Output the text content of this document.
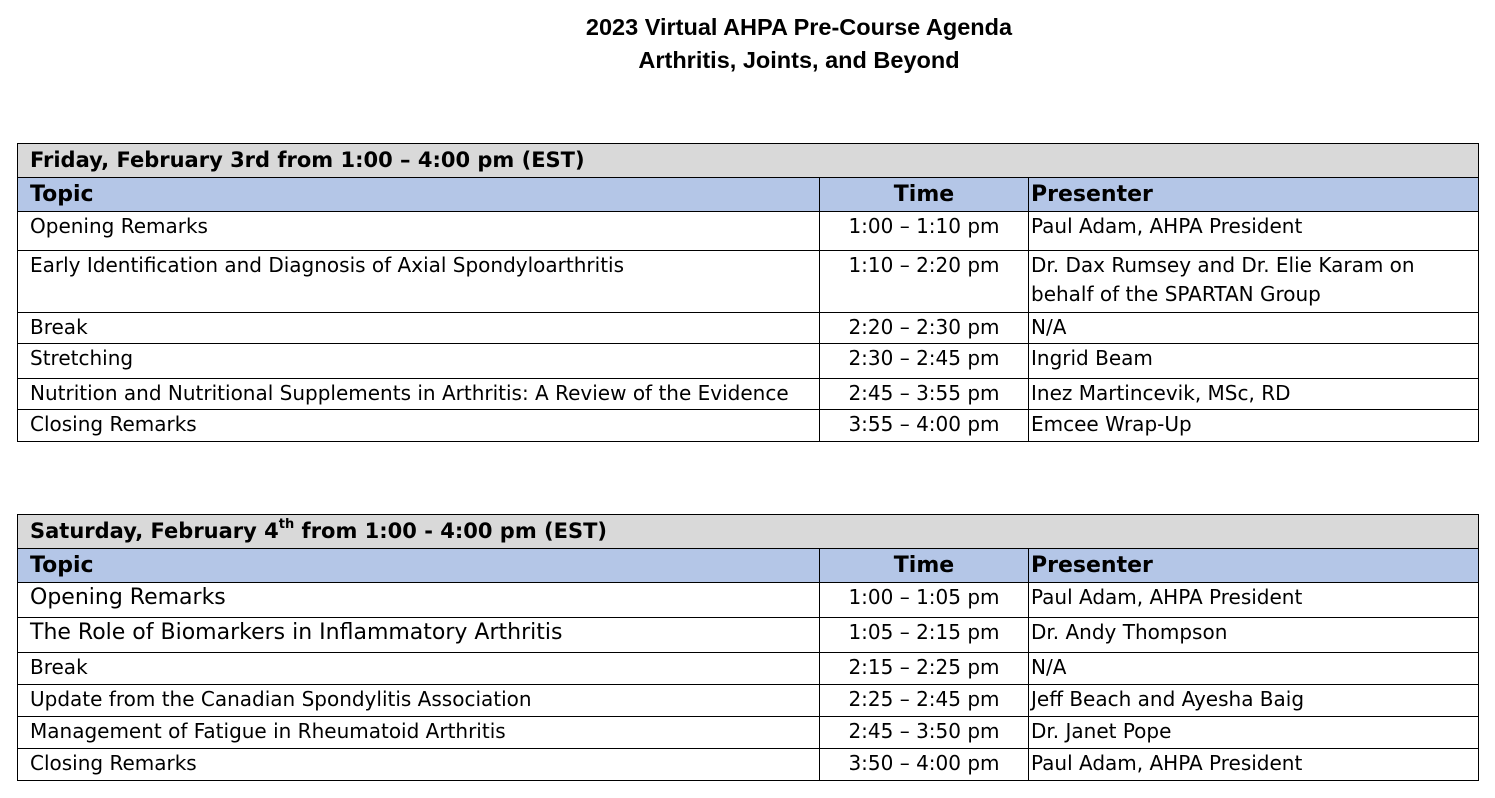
2023 Virtual AHPA Pre-Course Agenda
Arthritis, Joints, and Beyond
Friday, February 3rd from 1:00 – 4:00 pm (EST)		
Topic	Time	Presenter
Opening Remarks	1:00 – 1:10 pm	Paul Adam, AHPA President
Early Identification and Diagnosis of Axial Spondyloarthritis	1:10 – 2:20 pm	Dr. Dax Rumsey and Dr. Elie Karam on behalf of the SPARTAN Group
Break	2:20 – 2:30 pm	N/A
Stretching	2:30 – 2:45 pm	Ingrid Beam
Nutrition and Nutritional Supplements in Arthritis: A Review of the Evidence	2:45 – 3:55 pm	Inez Martincevik, MSc, RD
Closing Remarks	3:55 – 4:00 pm	Emcee Wrap-Up
Saturday, February 4th from 1:00 - 4:00 pm (EST)		
Topic	Time	Presenter
Opening Remarks	1:00 – 1:05 pm	Paul Adam, AHPA President
The Role of Biomarkers in Inflammatory Arthritis	1:05 – 2:15 pm	Dr. Andy Thompson
Break	2:15 – 2:25 pm	N/A
Update from the Canadian Spondylitis Association	2:25 – 2:45 pm	Jeff Beach and Ayesha Baig
Management of Fatigue in Rheumatoid Arthritis	2:45 – 3:50 pm	Dr. Janet Pope
Closing Remarks	3:50 – 4:00 pm	Paul Adam, AHPA President
